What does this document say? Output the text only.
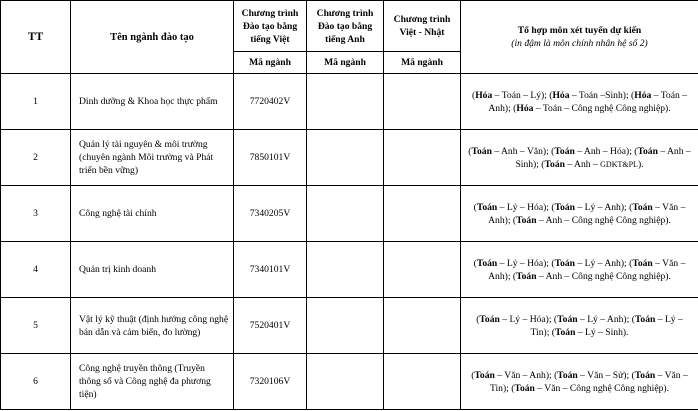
TT	Tên ngành đào tạo	Chương trình Đào tạo bằng tiếng Việt	Chương trình Đào tạo bằng tiếng Anh	Chương trình Việt - Nhật	Tổ hợp môn xét tuyển dự kiến
(in đậm là môn chính nhân hệ số 2)

		Mã ngành	Mã ngành	Mã ngành	
1	Dinh dưỡng & Khoa học thực phẩm	7720402V			(Hóa – Toán – Lý); (Hóa – Toán –Sinh); (Hóa – Toán –Anh); (Hóa – Toán – Công nghệ Công nghiệp).
2	Quản lý tài nguyên & môi trường (chuyên ngành Môi trường và Phát triển bền vững)	7850101V			(Toán – Anh – Văn); (Toán – Anh – Hóa); (Toán – Anh – Sinh); (Toán – Anh – GDKT&PL).
3	Công nghệ tài chính	7340205V			(Toán – Lý – Hóa); (Toán – Lý – Anh); (Toán – Văn – Anh); (Toán – Anh – Công nghệ Công nghiệp).
4	Quản trị kinh doanh	7340101V			(Toán – Lý – Hóa); (Toán – Lý – Anh); (Toán – Văn – Anh); (Toán – Anh – Công nghệ Công nghiệp).
5	Vật lý kỹ thuật (định hướng công nghệ bán dẫn và cảm biến, đo lường)	7520401V			(Toán – Lý – Hóa); (Toán – Lý – Anh); (Toán – Lý – Tin); (Toán – Lý – Sinh).
6	Công nghệ truyền thông (Truyền thông số và Công nghệ đa phương tiện)	7320106V			(Toán – Văn – Anh); (Toán – Văn – Sử); (Toán – Văn – Tin); (Toán – Văn – Công nghệ Công nghiệp).
